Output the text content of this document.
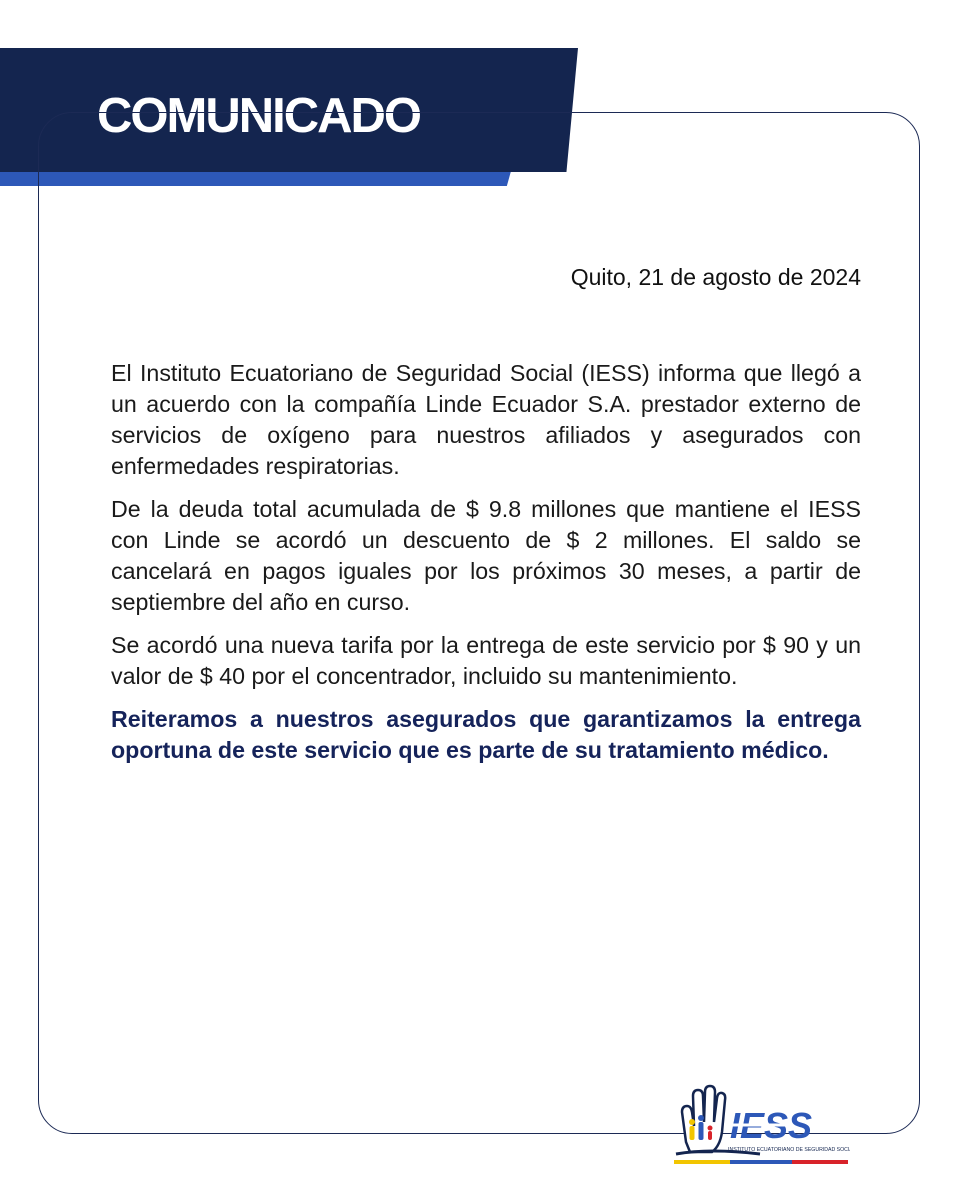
COMUNICADO
Quito, 21 de agosto de 2024

El Instituto Ecuatoriano de Seguridad Social (IESS) informa que llegó a un acuerdo con la compañía Linde Ecuador S.A. prestador externo de servicios de oxígeno para nuestros afiliados y asegurados con enfermedades respiratorias.

De la deuda total acumulada de $ 9.8 millones que mantiene el IESS con Linde se acordó un descuento de $ 2 millones. El saldo se cancelará en pagos iguales por los próximos 30 meses, a partir de septiembre del año en curso.

Se acordó una nueva tarifa por la entrega de este servicio por $ 90 y un valor de $ 40 por el concentrador, incluido su mantenimiento.

Reiteramos a nuestros asegurados que garantizamos la entrega oportuna de este servicio que es parte de su tratamiento médico.

IESS
INSTITUTO ECUATORIANO DE SEGURIDAD SOCIAL
